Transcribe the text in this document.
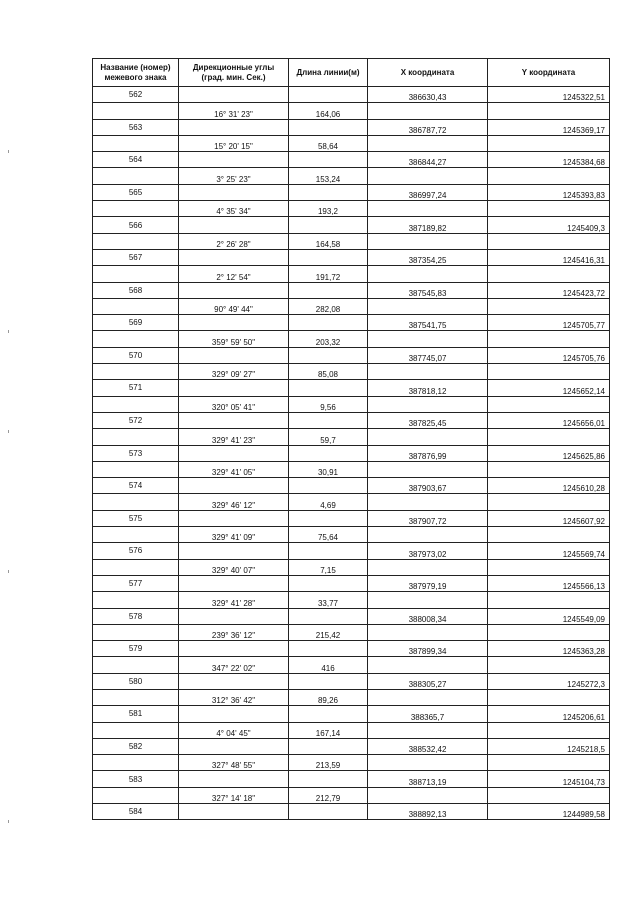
Название (номер) межевого знака	Дирекционные углы (град. мин. Сек.)	Длина линии(м)	X координата	Y координата
562			386630,43	1245322,51
	16° 31' 23"	164,06		
563			386787,72	1245369,17
	15° 20' 15"	58,64		
564			386844,27	1245384,68
	3° 25' 23"	153,24		
565			386997,24	1245393,83
	4° 35' 34"	193,2		
566			387189,82	1245409,3
	2° 26' 28"	164,58		
567			387354,25	1245416,31
	2° 12' 54"	191,72		
568			387545,83	1245423,72
	90° 49' 44"	282,08		
569			387541,75	1245705,77
	359° 59' 50"	203,32		
570			387745,07	1245705,76
	329° 09' 27"	85,08		
571			387818,12	1245652,14
	320° 05' 41"	9,56		
572			387825,45	1245656,01
	329° 41' 23"	59,7		
573			387876,99	1245625,86
	329° 41' 05"	30,91		
574			387903,67	1245610,28
	329° 46' 12"	4,69		
575			387907,72	1245607,92
	329° 41' 09"	75,64		
576			387973,02	1245569,74
	329° 40' 07"	7,15		
577			387979,19	1245566,13
	329° 41' 28"	33,77		
578			388008,34	1245549,09
	239° 36' 12"	215,42		
579			387899,34	1245363,28
	347° 22' 02"	416		
580			388305,27	1245272,3
	312° 36' 42"	89,26		
581			388365,7	1245206,61
	4° 04' 45"	167,14		
582			388532,42	1245218,5
	327° 48' 55"	213,59		
583			388713,19	1245104,73
	327° 14' 18"	212,79		
584			388892,13	1244989,58
